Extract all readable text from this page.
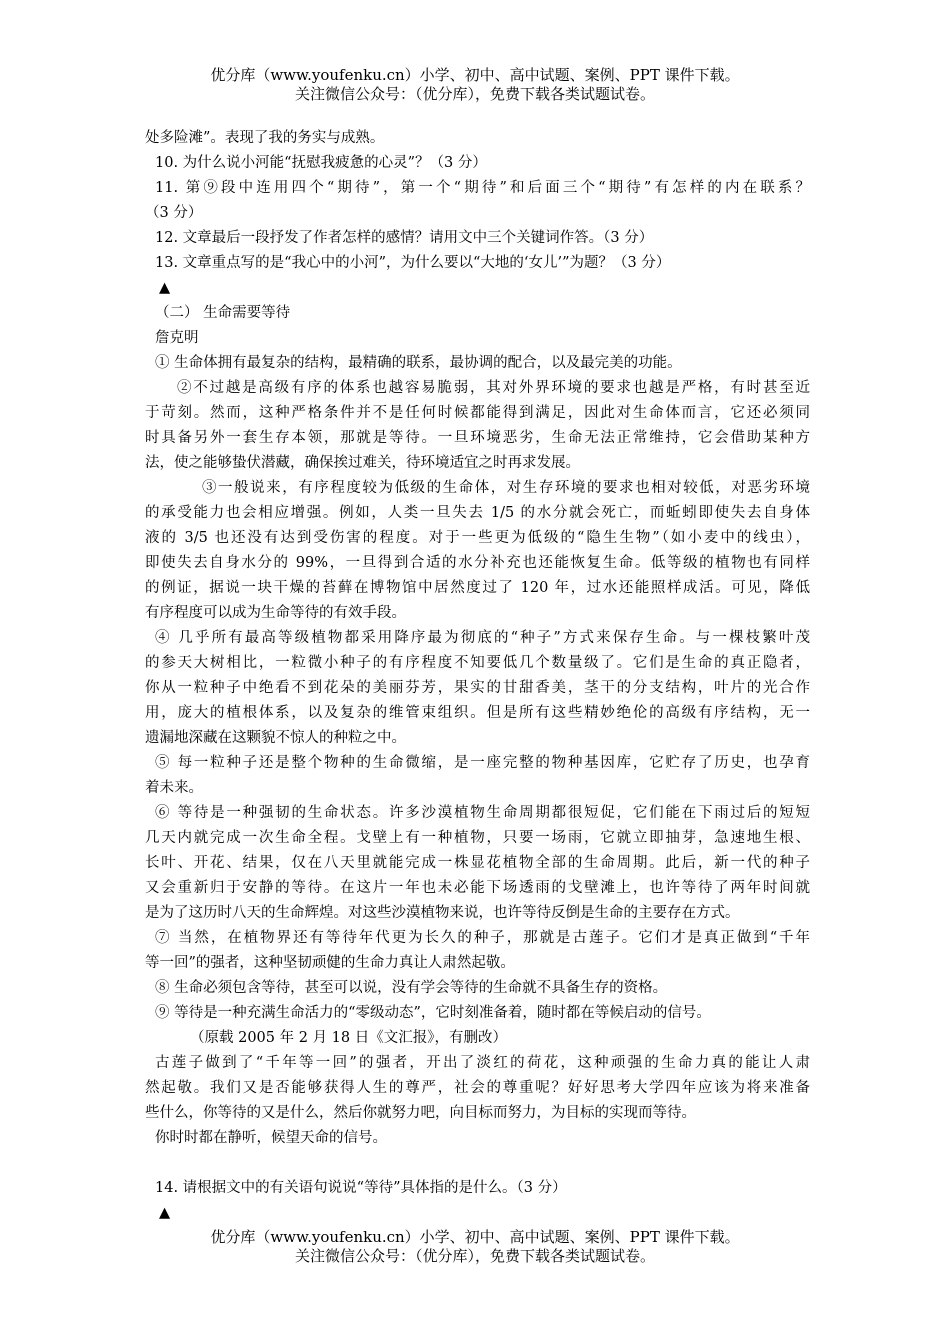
优分库（www.youfenku.cn）小学、初中、高中试题、案例、PPT 课件下载。
关注微信公众号：（优分库），免费下载各类试题试卷。
处多险滩”。表现了我的务实与成熟。
10. 为什么说小河能“抚慰我疲惫的心灵”？（3 分）
11. 第⑨段中连用四个“期待”，第一个“期待”和后面三个“期待”有怎样的内在联系？
（3 分）
12. 文章最后一段抒发了作者怎样的感情？请用文中三个关键词作答。（3 分）
13. 文章重点写的是“我心中的小河”，为什么要以“大地的‘女儿’”为题？（3 分）
▲
（二） 生命需要等待
詹克明
① 生命体拥有最复杂的结构，最精确的联系，最协调的配合，以及最完美的功能。
②不过越是高级有序的体系也越容易脆弱，其对外界环境的要求也越是严格，有时甚至近
于苛刻。然而，这种严格条件并不是任何时候都能得到满足，因此对生命体而言，它还必须同
时具备另外一套生存本领，那就是等待。一旦环境恶劣，生命无法正常维持，它会借助某种方
法，使之能够蛰伏潜藏，确保挨过难关，待环境适宜之时再求发展。
③一般说来，有序程度较为低级的生命体，对生存环境的要求也相对较低，对恶劣环境
的承受能力也会相应增强。例如，人类一旦失去 1/5 的水分就会死亡，而蚯蚓即使失去自身体
液的 3/5 也还没有达到受伤害的程度。对于一些更为低级的“隐生生物”（如小麦中的线虫），
即使失去自身水分的 99%，一旦得到合适的水分补充也还能恢复生命。低等级的植物也有同样
的例证，据说一块干燥的苔藓在博物馆中居然度过了 120 年，过水还能照样成活。可见，降低
有序程度可以成为生命等待的有效手段。
④ 几乎所有最高等级植物都采用降序最为彻底的“种子”方式来保存生命。与一棵枝繁叶茂
的参天大树相比，一粒微小种子的有序程度不知要低几个数量级了。它们是生命的真正隐者，
你从一粒种子中绝看不到花朵的美丽芬芳，果实的甘甜香美，茎干的分支结构，叶片的光合作
用，庞大的植根体系，以及复杂的维管束组织。但是所有这些精妙绝伦的高级有序结构，无一
遗漏地深藏在这颗貌不惊人的种粒之中。
⑤ 每一粒种子还是整个物种的生命微缩，是一座完整的物种基因库，它贮存了历史，也孕育
着未来。
⑥ 等待是一种强韧的生命状态。许多沙漠植物生命周期都很短促，它们能在下雨过后的短短
几天内就完成一次生命全程。戈壁上有一种植物，只要一场雨，它就立即抽芽，急速地生根、
长叶、开花、结果，仅在八天里就能完成一株显花植物全部的生命周期。此后，新一代的种子
又会重新归于安静的等待。在这片一年也未必能下场透雨的戈壁滩上，也许等待了两年时间就
是为了这历时八天的生命辉煌。对这些沙漠植物来说，也许等待反倒是生命的主要存在方式。
⑦ 当然，在植物界还有等待年代更为长久的种子，那就是古莲子。它们才是真正做到“千年
等一回”的强者，这种坚韧顽健的生命力真让人肃然起敬。
⑧ 生命必须包含等待，甚至可以说，没有学会等待的生命就不具备生存的资格。
⑨ 等待是一种充满生命活力的“零级动态”，它时刻准备着，随时都在等候启动的信号。
（原载 2005 年 2 月 18 日《文汇报》，有删改）
古莲子做到了“千年等一回”的强者，开出了淡红的荷花，这种顽强的生命力真的能让人肃
然起敬。我们又是否能够获得人生的尊严，社会的尊重呢？好好思考大学四年应该为将来准备
些什么，你等待的又是什么，然后你就努力吧，向目标而努力，为目标的实现而等待。
你时时都在静听，候望天命的信号。
14. 请根据文中的有关语句说说“等待”具体指的是什么。（3 分）
▲
优分库（www.youfenku.cn）小学、初中、高中试题、案例、PPT 课件下载。
关注微信公众号：（优分库），免费下载各类试题试卷。
